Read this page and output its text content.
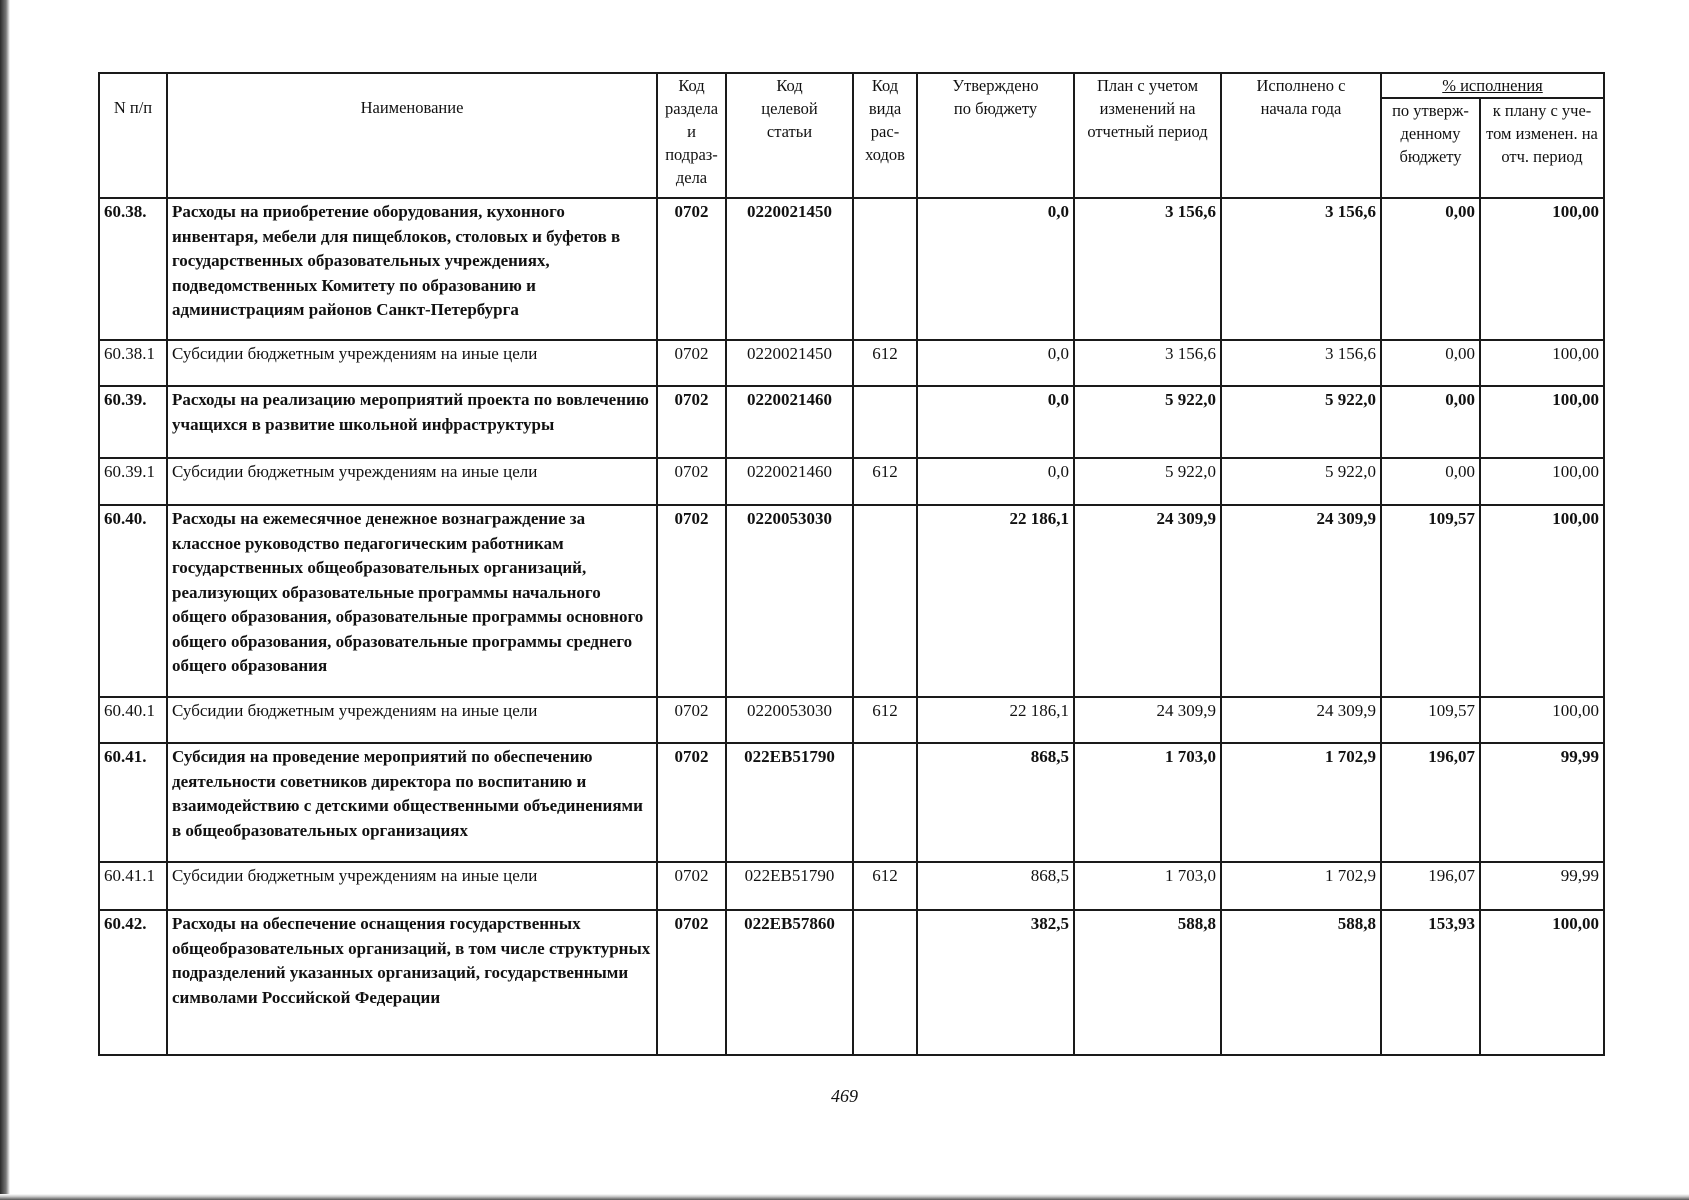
N п/п	Наименование	Код раздела и подраз-дела	Код целевой статьи	Код вида рас-ходов	Утверждено по бюджету	План с учетом изменений на отчетный период	Исполнено с начала года	% исполнения	
								по утверж-денному бюджету	к плану с уче-том изменен. на отч. период
60.38.	Расходы на приобретение оборудования, кухонного инвентаря, мебели для пищеблоков, столовых и буфетов в государственных образовательных учреждениях, подведомственных Комитету по образованию и администрациям районов Санкт-Петербурга	0702	0220021450		0,0	3 156,6	3 156,6	0,00	100,00
60.38.1	Субсидии бюджетным учреждениям на иные цели	0702	0220021450	612	0,0	3 156,6	3 156,6	0,00	100,00
60.39.	Расходы на реализацию мероприятий проекта по вовлечению учащихся в развитие школьной инфраструктуры	0702	0220021460		0,0	5 922,0	5 922,0	0,00	100,00
60.39.1	Субсидии бюджетным учреждениям на иные цели	0702	0220021460	612	0,0	5 922,0	5 922,0	0,00	100,00
60.40.	Расходы на ежемесячное денежное вознаграждение за классное руководство педагогическим работникам государственных общеобразовательных организаций, реализующих образовательные программы начального общего образования, образовательные программы основного общего образования, образовательные программы среднего общего образования	0702	0220053030		22 186,1	24 309,9	24 309,9	109,57	100,00
60.40.1	Субсидии бюджетным учреждениям на иные цели	0702	0220053030	612	22 186,1	24 309,9	24 309,9	109,57	100,00
60.41.	Субсидия на проведение мероприятий по обеспечению деятельности советников директора по воспитанию и взаимодействию с детскими общественными объединениями в общеобразовательных организациях	0702	022EB51790		868,5	1 703,0	1 702,9	196,07	99,99
60.41.1	Субсидии бюджетным учреждениям на иные цели	0702	022EB51790	612	868,5	1 703,0	1 702,9	196,07	99,99
60.42.	Расходы на обеспечение оснащения государственных общеобразовательных организаций, в том числе структурных подразделений указанных организаций, государственными символами Российской Федерации	0702	022EB57860		382,5	588,8	588,8	153,93	100,00
469
